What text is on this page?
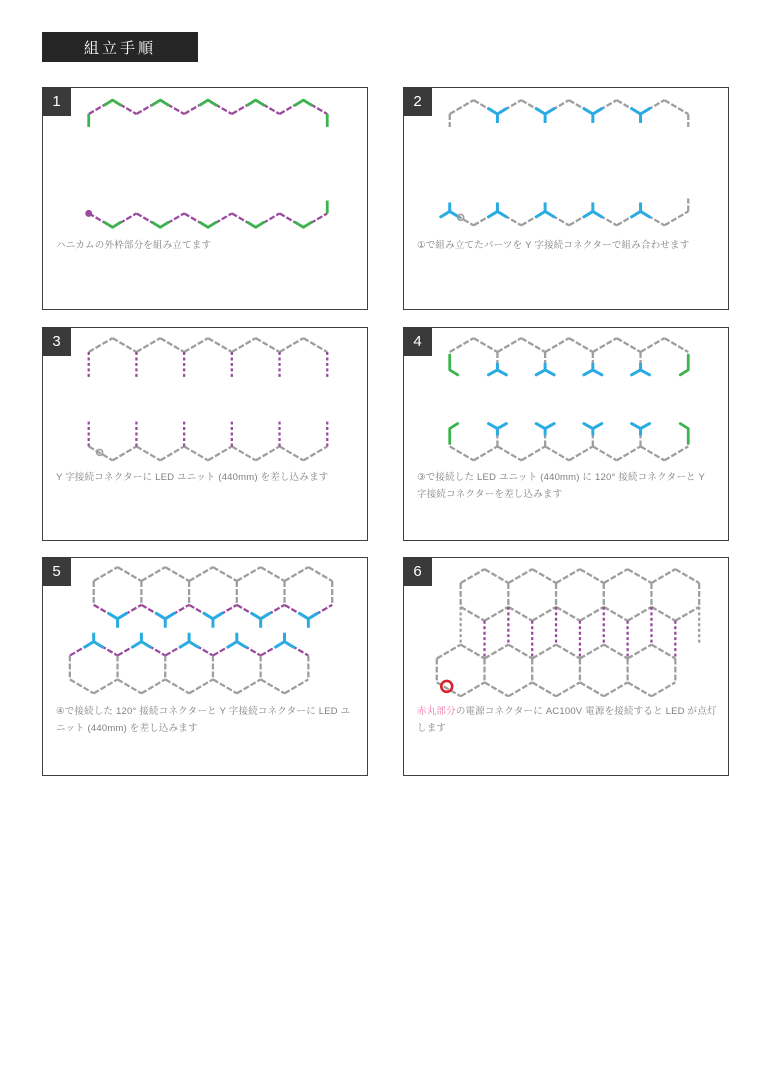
組立手順
1
ハニカムの外枠部分を組み立てます
2
①で組み立てたパーツを Y 字接続コネクターで組み合わせます
3
Y 字接続コネクターに LED ユニット (440mm) を差し込みます
4
③で接続した LED ユニット (440mm) に 120° 接続コネクターと Y 字接続コネクターを差し込みます
5
④で接続した 120° 接続コネクターと Y 字接続コネクターに LED ユニット (440mm) を差し込みます
6
赤丸部分の電源コネクターに AC100V 電源を接続すると LED が点灯します
